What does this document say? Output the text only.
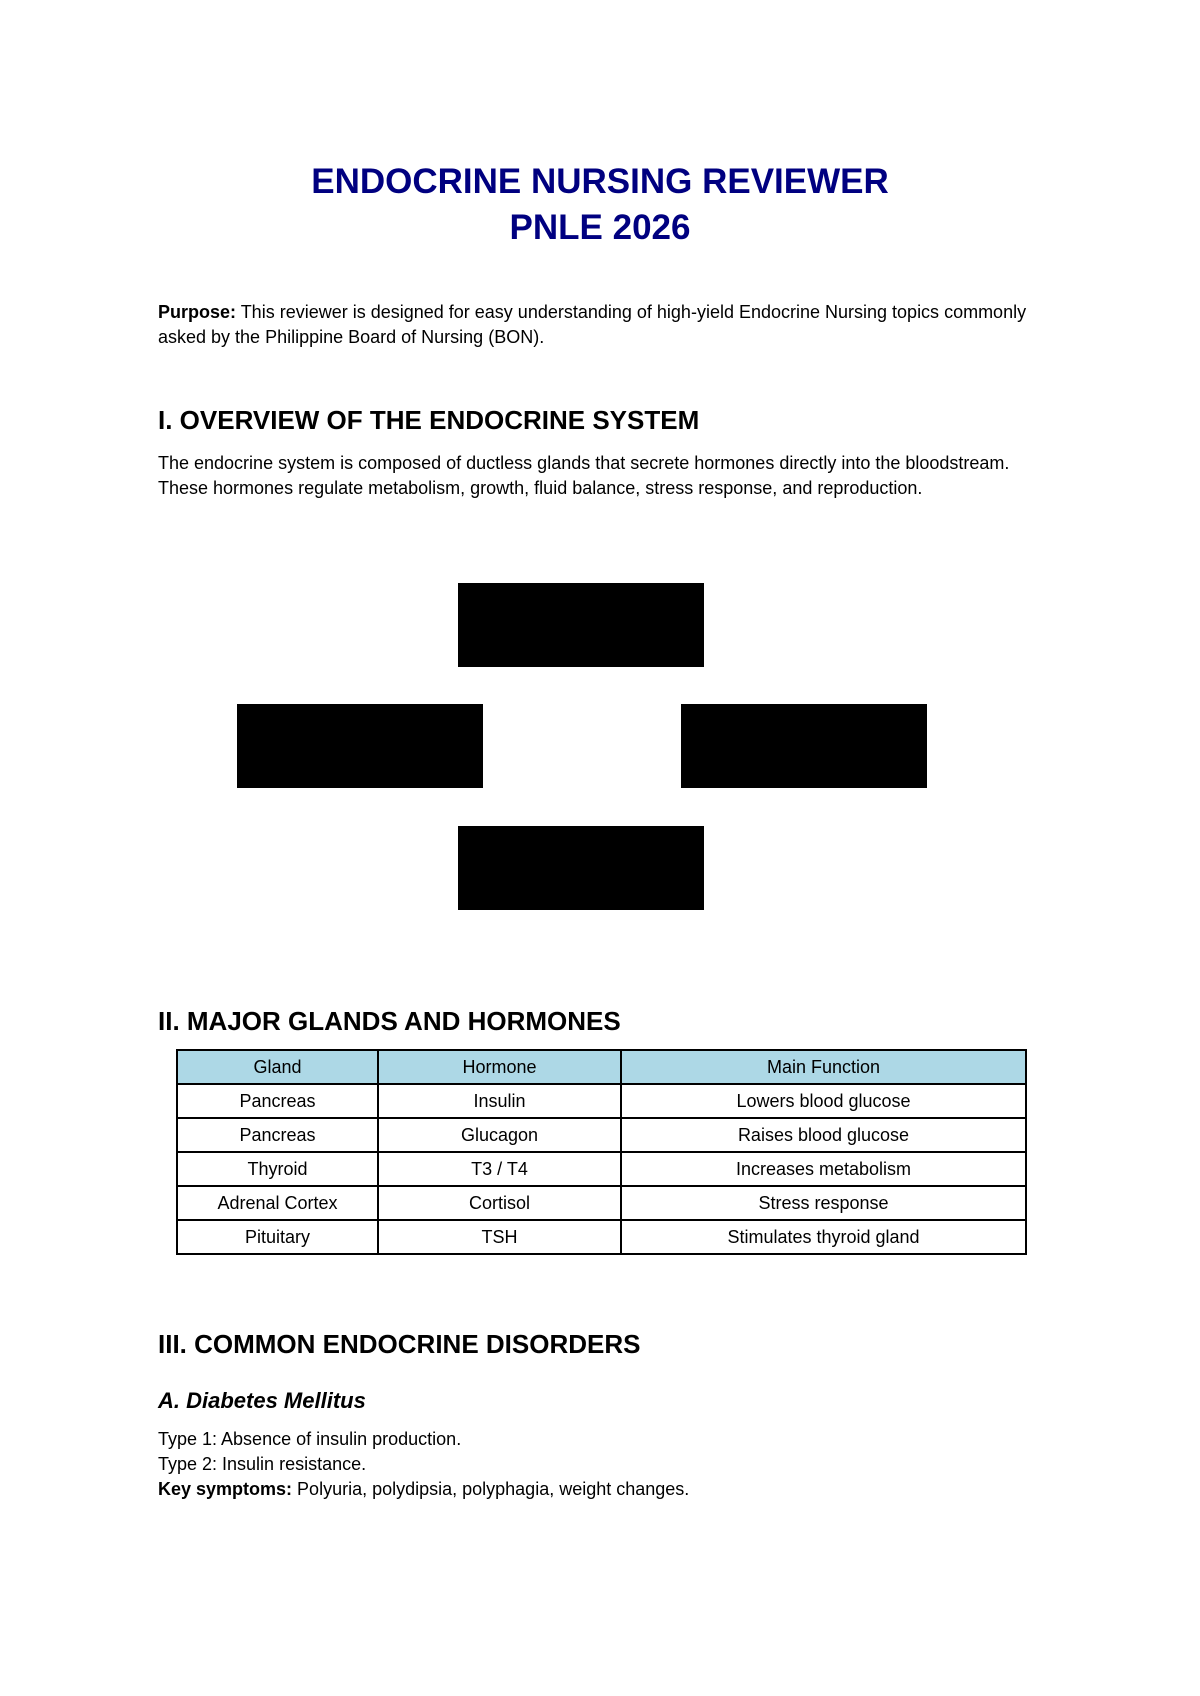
ENDOCRINE NURSING REVIEWER
PNLE 2026

Purpose: This reviewer is designed for easy understanding of high-yield Endocrine Nursing topics commonly asked by the Philippine Board of Nursing (BON).

I. OVERVIEW OF THE ENDOCRINE SYSTEM

The endocrine system is composed of ductless glands that secrete hormones directly into the bloodstream. These hormones regulate metabolism, growth, fluid balance, stress response, and reproduction.

II. MAJOR GLANDS AND HORMONES
Gland	Hormone	Main Function
Pancreas	Insulin	Lowers blood glucose
Pancreas	Glucagon	Raises blood glucose
Thyroid	T3 / T4	Increases metabolism
Adrenal Cortex	Cortisol	Stress response
Pituitary	TSH	Stimulates thyroid gland
III. COMMON ENDOCRINE DISORDERS
A. Diabetes Mellitus
Type 1: Absence of insulin production.
Type 2: Insulin resistance.
Key symptoms: Polyuria, polydipsia, polyphagia, weight changes.
